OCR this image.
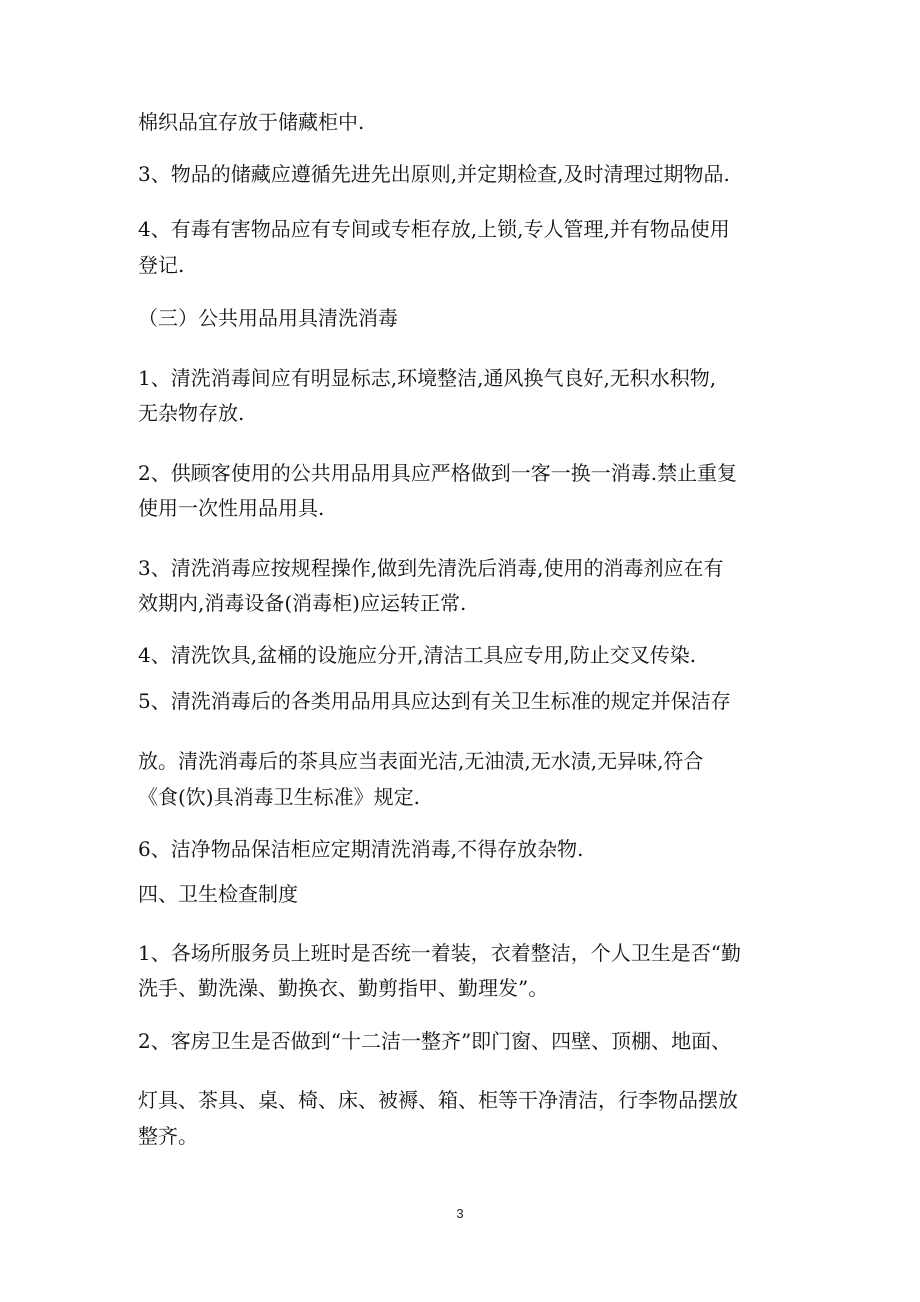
棉织品宜存放于储藏柜中.

3、物品的储藏应遵循先进先出原则,并定期检查,及时清理过期物品.

4、有毒有害物品应有专间或专柜存放,上锁,专人管理,并有物品使用

登记.

（三）公共用品用具清洗消毒

1、清洗消毒间应有明显标志,环境整洁,通风换气良好,无积水积物,

无杂物存放.

2、供顾客使用的公共用品用具应严格做到一客一换一消毒.禁止重复

使用一次性用品用具.

3、清洗消毒应按规程操作,做到先清洗后消毒,使用的消毒剂应在有

效期内,消毒设备(消毒柜)应运转正常.

4、清洗饮具,盆桶的设施应分开,清洁工具应专用,防止交叉传染.

5、清洗消毒后的各类用品用具应达到有关卫生标准的规定并保洁存

放。清洗消毒后的茶具应当表面光洁,无油渍,无水渍,无异味,符合

《食(饮)具消毒卫生标准》规定.

6、洁净物品保洁柜应定期清洗消毒,不得存放杂物.

四、卫生检查制度

1、各场所服务员上班时是否统一着装，衣着整洁，个人卫生是否“勤

洗手、勤洗澡、勤换衣、勤剪指甲、勤理发”。

2、客房卫生是否做到“十二洁一整齐”即门窗、四壁、顶棚、地面、

灯具、茶具、桌、椅、床、被褥、箱、柜等干净清洁，行李物品摆放

整齐。

3
